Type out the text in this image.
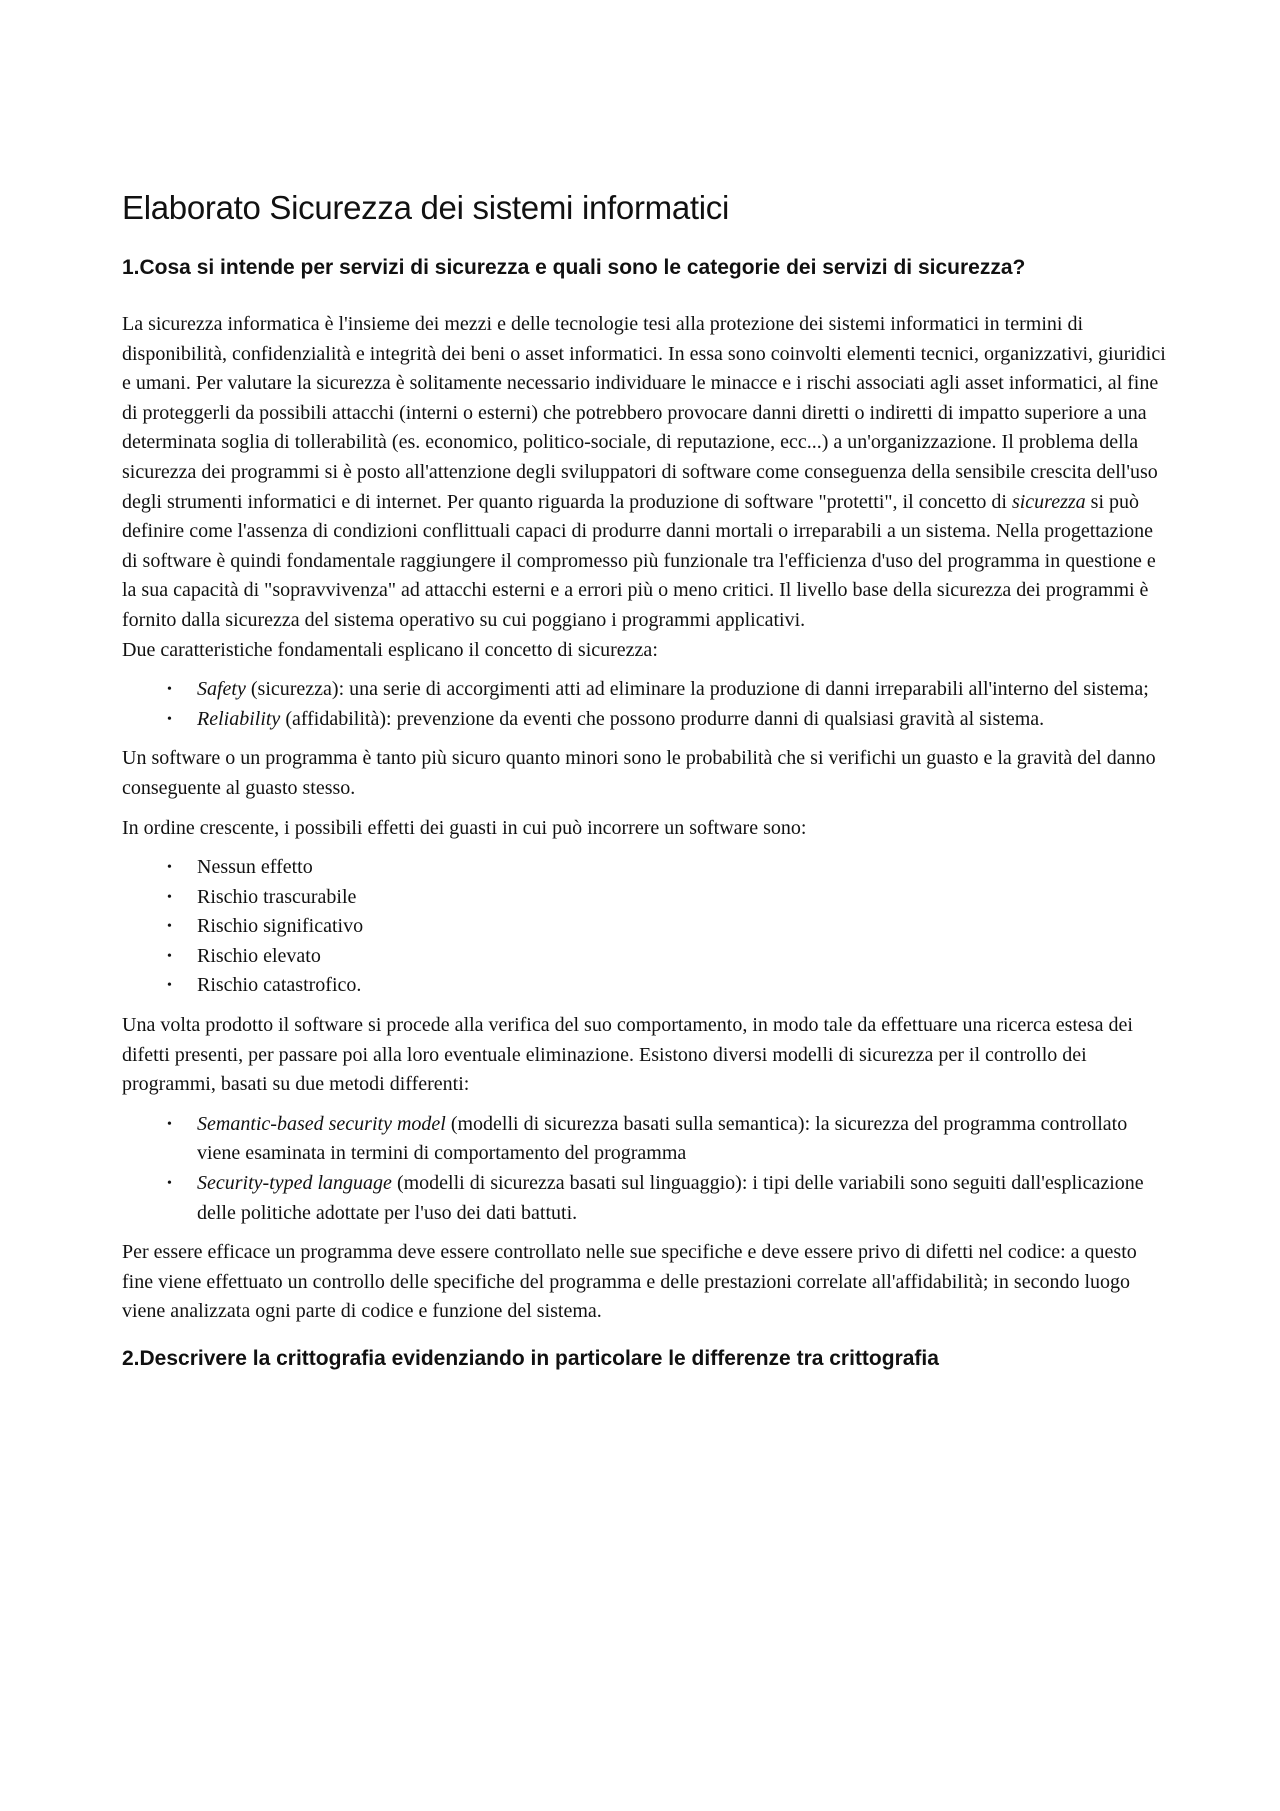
Elaborato Sicurezza dei sistemi informatici
1.Cosa si intende per servizi di sicurezza e quali sono le categorie dei servizi di sicurezza?

La sicurezza informatica è l'insieme dei mezzi e delle tecnologie tesi alla protezione dei sistemi informatici in termini di disponibilità, confidenzialità e integrità dei beni o asset informatici. In essa sono coinvolti elementi tecnici, organizzativi, giuridici e umani. Per valutare la sicurezza è solitamente necessario individuare le minacce e i rischi associati agli asset informatici, al fine di proteggerli da possibili attacchi (interni o esterni) che potrebbero provocare danni diretti o indiretti di impatto superiore a una determinata soglia di tollerabilità (es. economico, politico-sociale, di reputazione, ecc...) a un'organizzazione. Il problema della sicurezza dei programmi si è posto all'attenzione degli sviluppatori di software come conseguenza della sensibile crescita dell'uso degli strumenti informatici e di internet. Per quanto riguarda la produzione di software "protetti", il concetto di sicurezza si può definire come l'assenza di condizioni conflittuali capaci di produrre danni mortali o irreparabili a un sistema. Nella progettazione di software è quindi fondamentale raggiungere il compromesso più funzionale tra l'efficienza d'uso del programma in questione e la sua capacità di "sopravvivenza" ad attacchi esterni e a errori più o meno critici. Il livello base della sicurezza dei programmi è fornito dalla sicurezza del sistema operativo su cui poggiano i programmi applicativi.

Due caratteristiche fondamentali esplicano il concetto di sicurezza:

• Safety (sicurezza): una serie di accorgimenti atti ad eliminare la produzione di danni irreparabili all'interno del sistema;
• Reliability (affidabilità): prevenzione da eventi che possono produrre danni di qualsiasi gravità al sistema.

Un software o un programma è tanto più sicuro quanto minori sono le probabilità che si verifichi un guasto e la gravità del danno conseguente al guasto stesso.

In ordine crescente, i possibili effetti dei guasti in cui può incorrere un software sono:

• Nessun effetto
• Rischio trascurabile
• Rischio significativo
• Rischio elevato
• Rischio catastrofico.

Una volta prodotto il software si procede alla verifica del suo comportamento, in modo tale da effettuare una ricerca estesa dei difetti presenti, per passare poi alla loro eventuale eliminazione. Esistono diversi modelli di sicurezza per il controllo dei programmi, basati su due metodi differenti:

• Semantic-based security model (modelli di sicurezza basati sulla semantica): la sicurezza del programma controllato viene esaminata in termini di comportamento del programma
• Security-typed language (modelli di sicurezza basati sul linguaggio): i tipi delle variabili sono seguiti dall'esplicazione delle politiche adottate per l'uso dei dati battuti.

Per essere efficace un programma deve essere controllato nelle sue specifiche e deve essere privo di difetti nel codice: a questo fine viene effettuato un controllo delle specifiche del programma e delle prestazioni correlate all'affidabilità; in secondo luogo viene analizzata ogni parte di codice e funzione del sistema.

2.Descrivere la crittografia evidenziando in particolare le differenze tra crittografia
